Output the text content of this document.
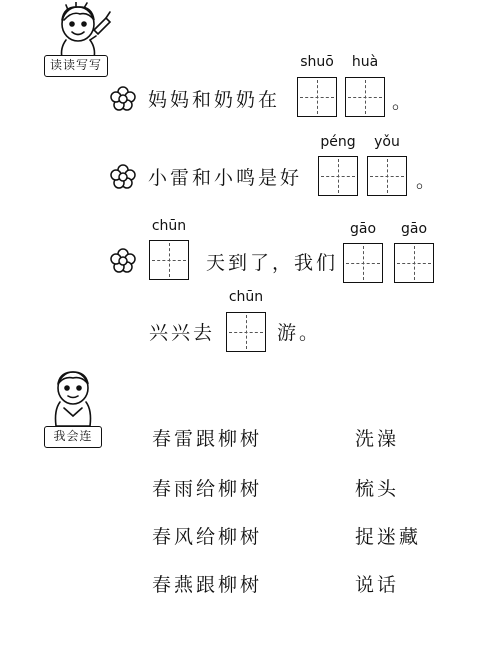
读读写写
妈妈和奶奶在
shuō	huà
。
小雷和小鸣是好
péng	yǒu
。
chūn
天到了，我们
gāo	gāo
兴兴去
chūn
游。
我会连	春雷跟柳树
春雨给柳树
春风给柳树
春燕跟柳树
洗澡
梳头
捉迷藏
说话
